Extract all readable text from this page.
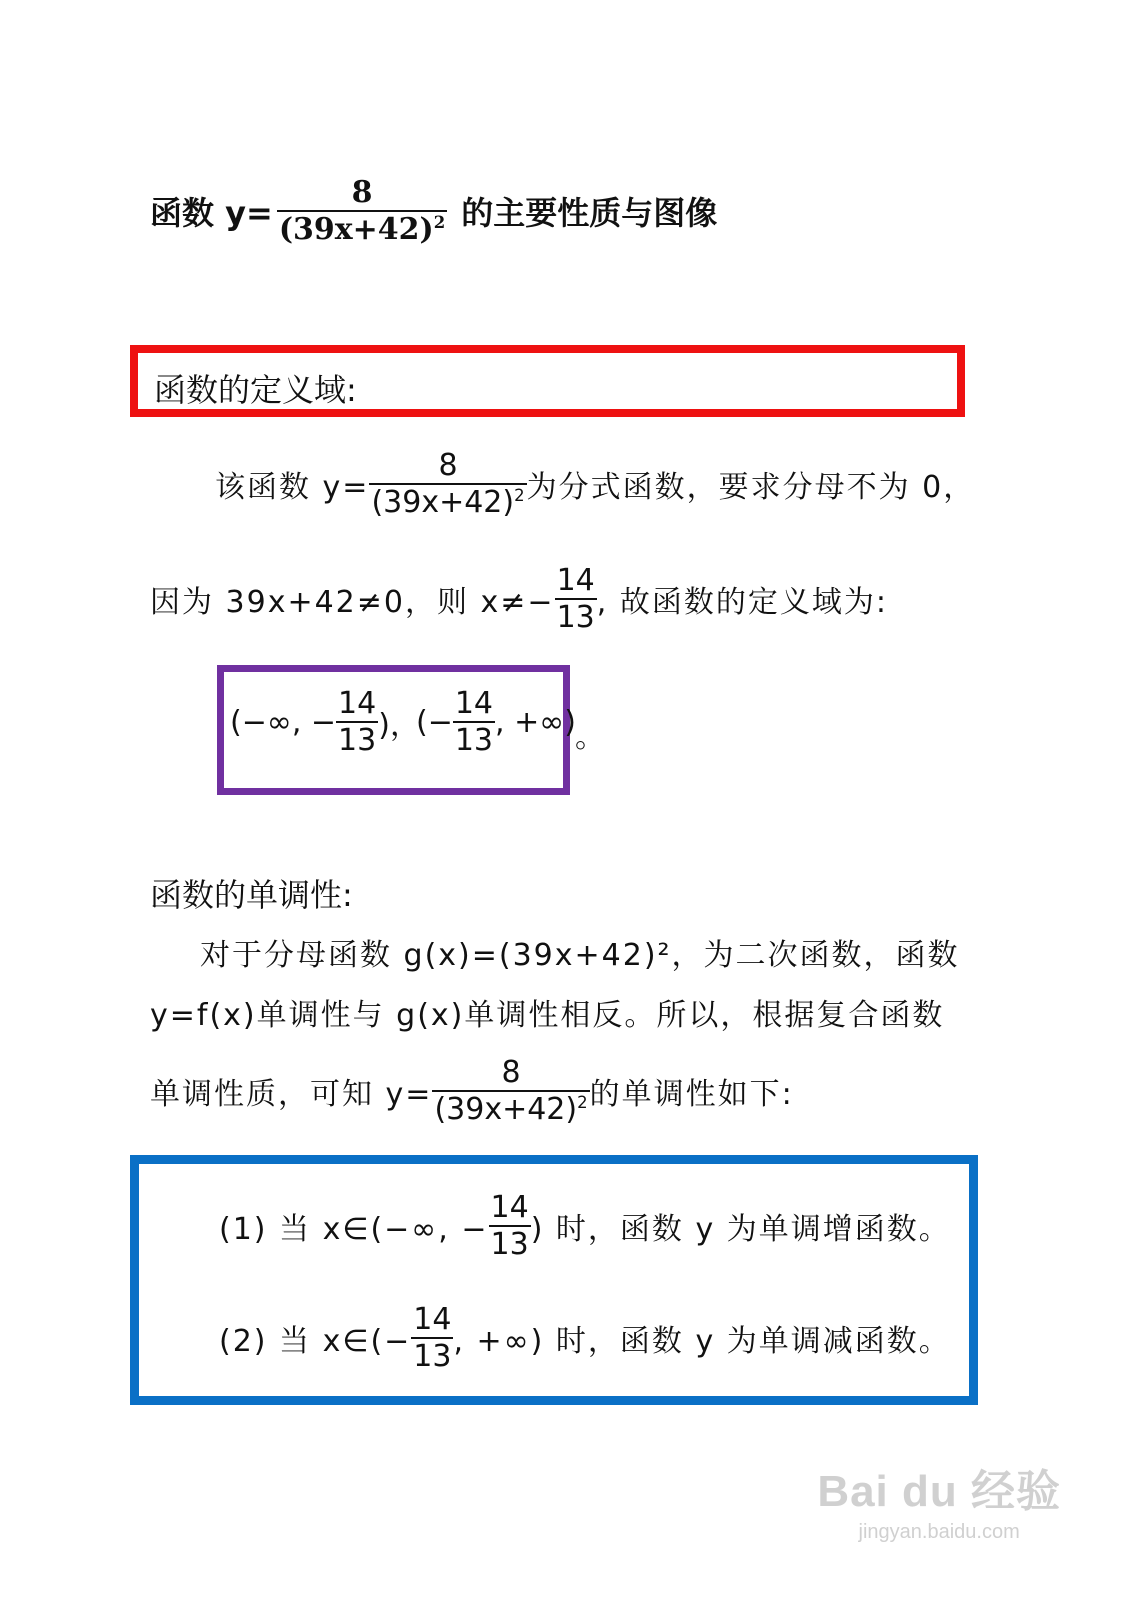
函数 $y= \frac{8}{(39x+42)^2}$ 的主要性质与图像
函数的定义域:
该函数 $y= \frac{8}{(39x+42)^2}$ 为分式函数，要求分母不为 0，
因为 39x+42≠0，则 $x\ne- \frac{14}{13}$ , 故函数的定义域为:
(−∞, − $\frac{14}{13}$ )，
(− $\frac{14}{13}$ , +∞) 。
函数的单调性:
对于分母函数 g(x)=(39x+42)²，为二次函数，函数
y=f(x)单调性与 g(x)单调性相反。所以，根据复合函数
单调性质，可知 $y= \frac{8}{(39x+42)^2}$ 的单调性如下:
(1) 当 x∈(−∞, − $\frac{14}{13}$ ) 时，函数 y 为单调增函数。
(2) 当 x∈(− $\frac{14}{13}$ , +∞) 时，函数 y 为单调减函数。
Bai du 经验
jingyan.baidu.com
